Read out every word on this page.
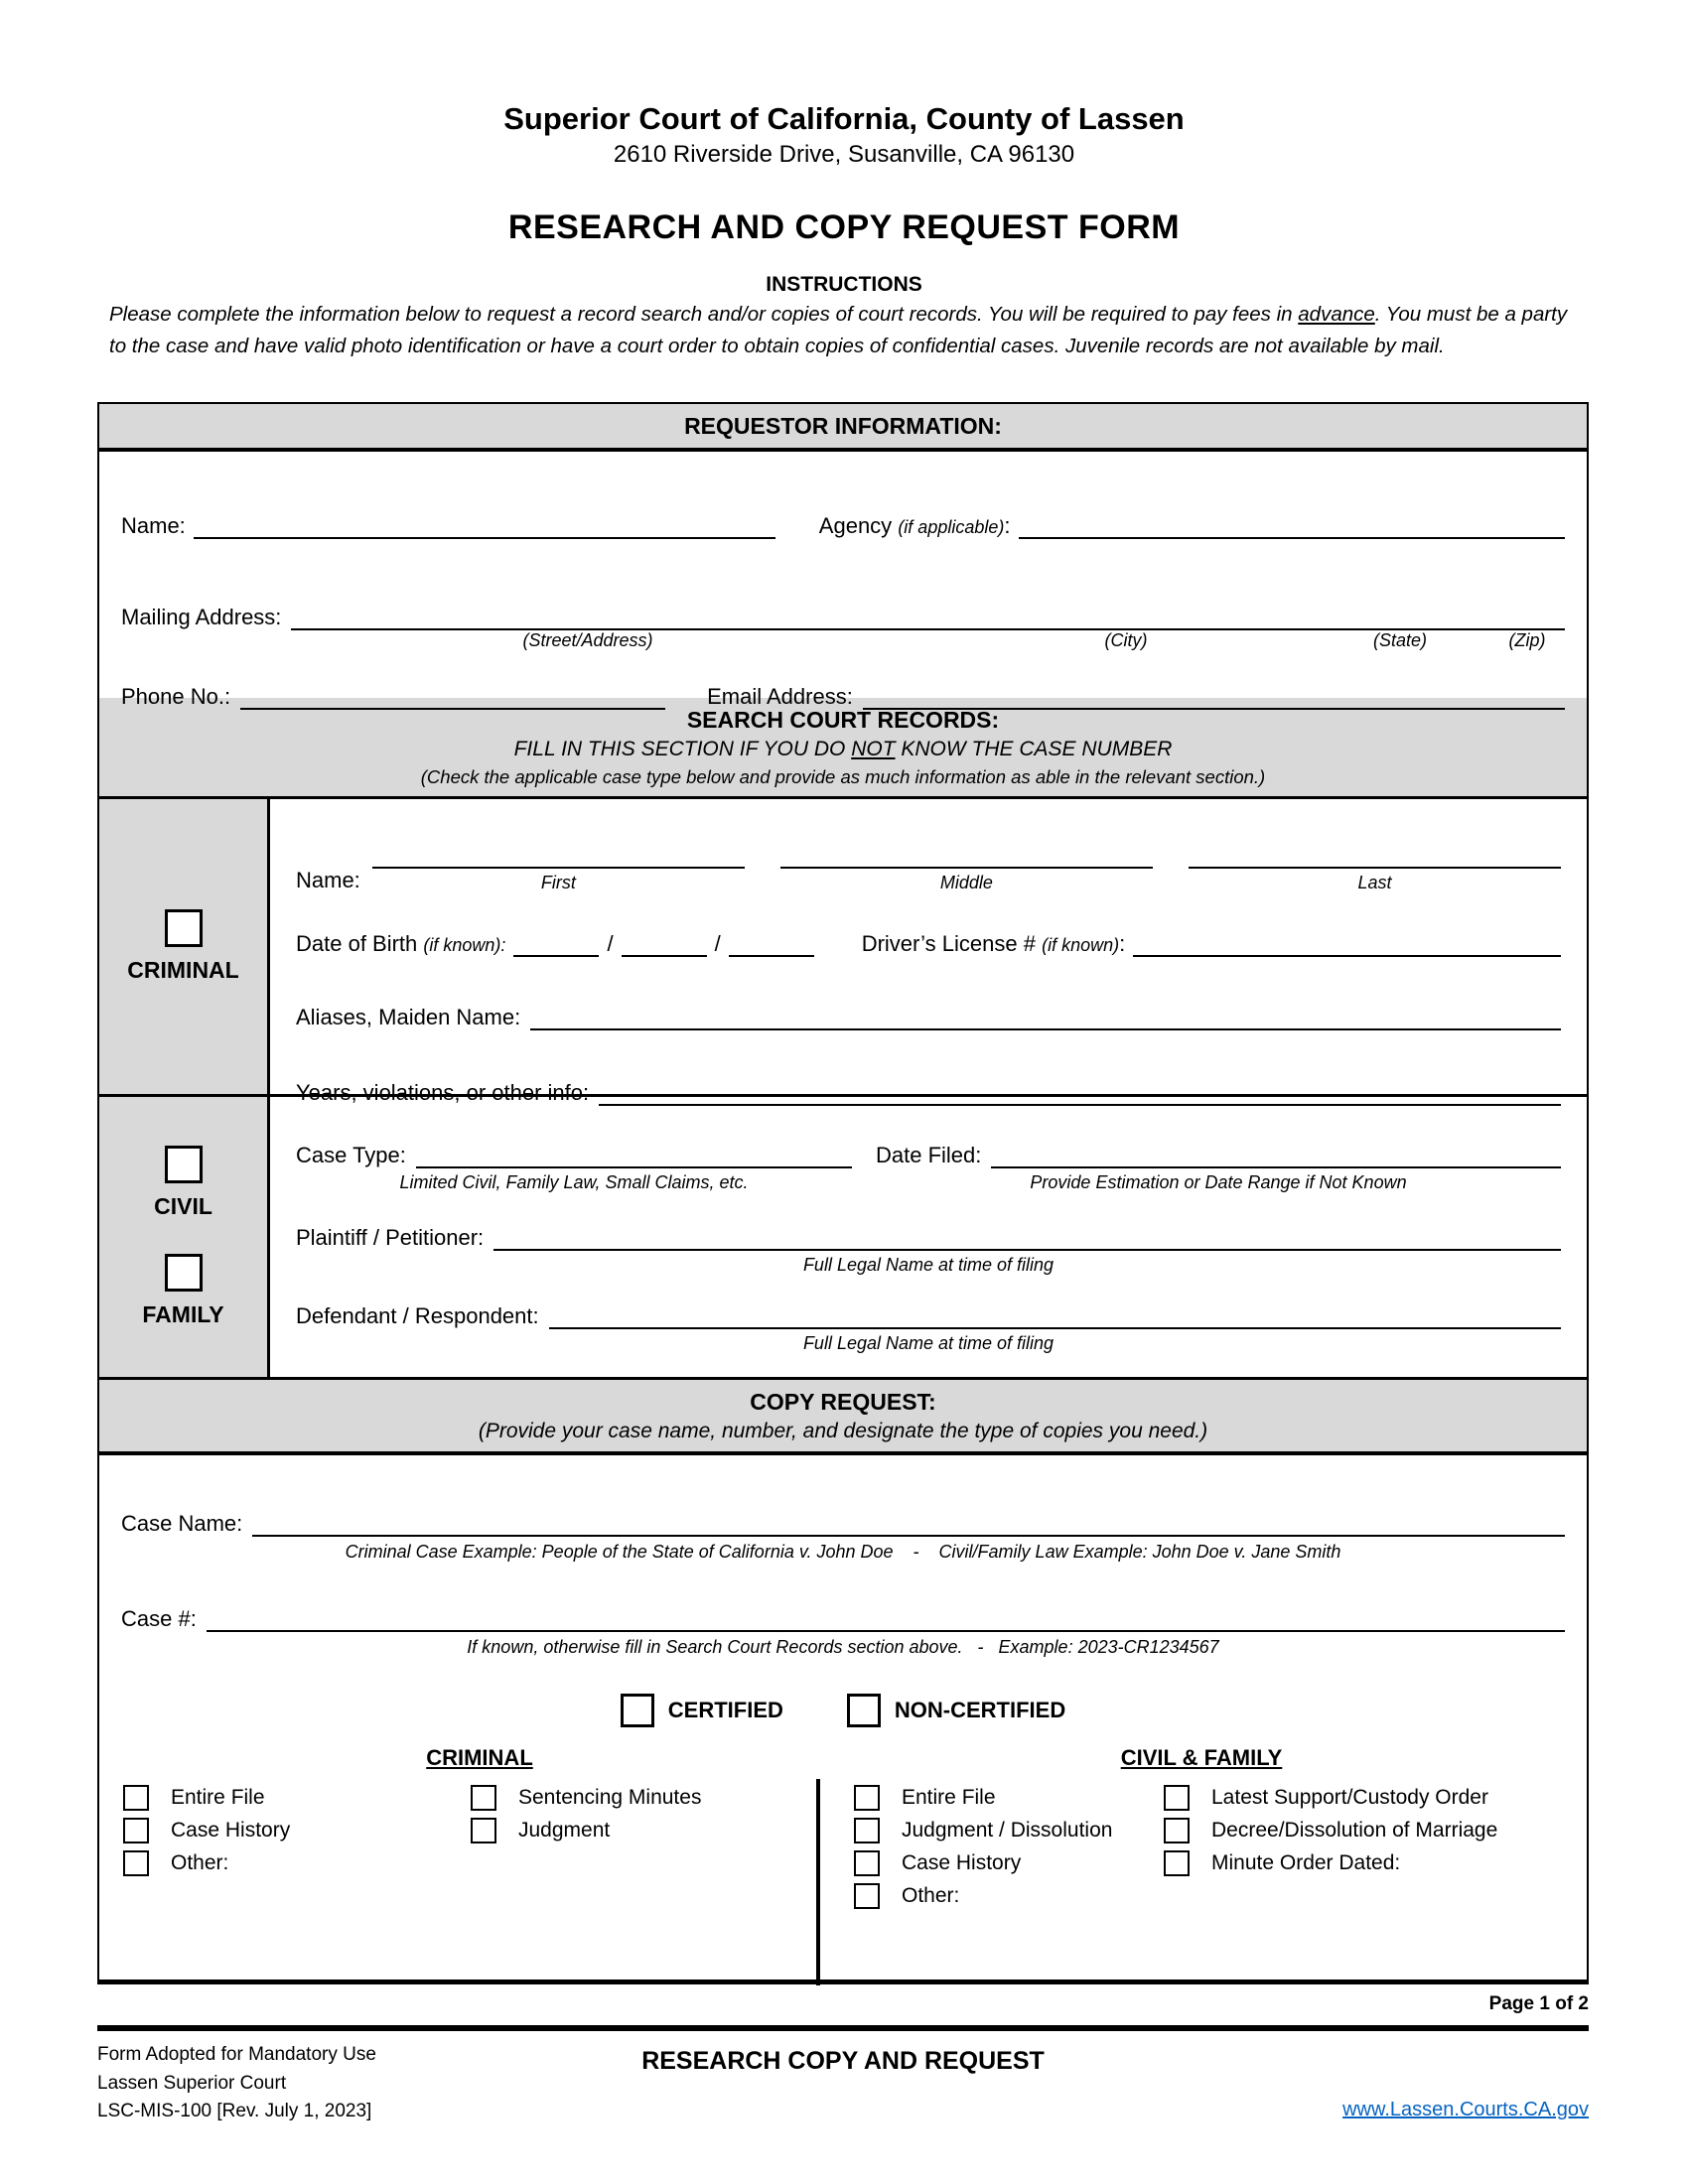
Superior Court of California, County of Lassen
2610 Riverside Drive, Susanville, CA 96130
RESEARCH AND COPY REQUEST FORM
INSTRUCTIONS
Please complete the information below to request a record search and/or copies of court records. You will be required to pay fees in advance. You must be a party to the case and have valid photo identification or have a court order to obtain copies of confidential cases. Juvenile records are not available by mail.
REQUESTOR INFORMATION:
Name:	Agency (if applicable):
Mailing Address:
(Street/Address)	(City)	(State)	(Zip)
Phone No.:	Email Address:
SEARCH COURT RECORDS:
FILL IN THIS SECTION IF YOU DO NOT KNOW THE CASE NUMBER
(Check the applicable case type below and provide as much information as able in the relevant section.)
CRIMINAL
Name:	First	Middle	Last
Date of Birth (if known):	/	/	Driver’s License # (if known):
Aliases, Maiden Name:
Years, violations, or other info:
CIVIL
FAMILY
Case Type:
Limited Civil, Family Law, Small Claims, etc.
Date Filed:
Provide Estimation or Date Range if Not Known
Plaintiff / Petitioner:
Full Legal Name at time of filing
Defendant / Respondent:
Full Legal Name at time of filing
COPY REQUEST:
(Provide your case name, number, and designate the type of copies you need.)
Case Name:
Criminal Case Example: People of the State of California v. John Doe    -    Civil/Family Law Example: John Doe v. Jane Smith
Case #:
If known, otherwise fill in Search Court Records section above.   -   Example: 2023-CR1234567
CERTIFIED	NON-CERTIFIED
CRIMINAL	CIVIL & FAMILY
Entire File
Case History
Other:
Sentencing Minutes
Judgment
Entire File
Judgment / Dissolution
Case History
Other:
Latest Support/Custody Order
Decree/Dissolution of Marriage
Minute Order Dated:
Page 1 of 2
Form Adopted for Mandatory Use
Lassen Superior Court
LSC-MIS-100 [Rev. July 1, 2023]
RESEARCH COPY AND REQUEST
www.Lassen.Courts.CA.gov
